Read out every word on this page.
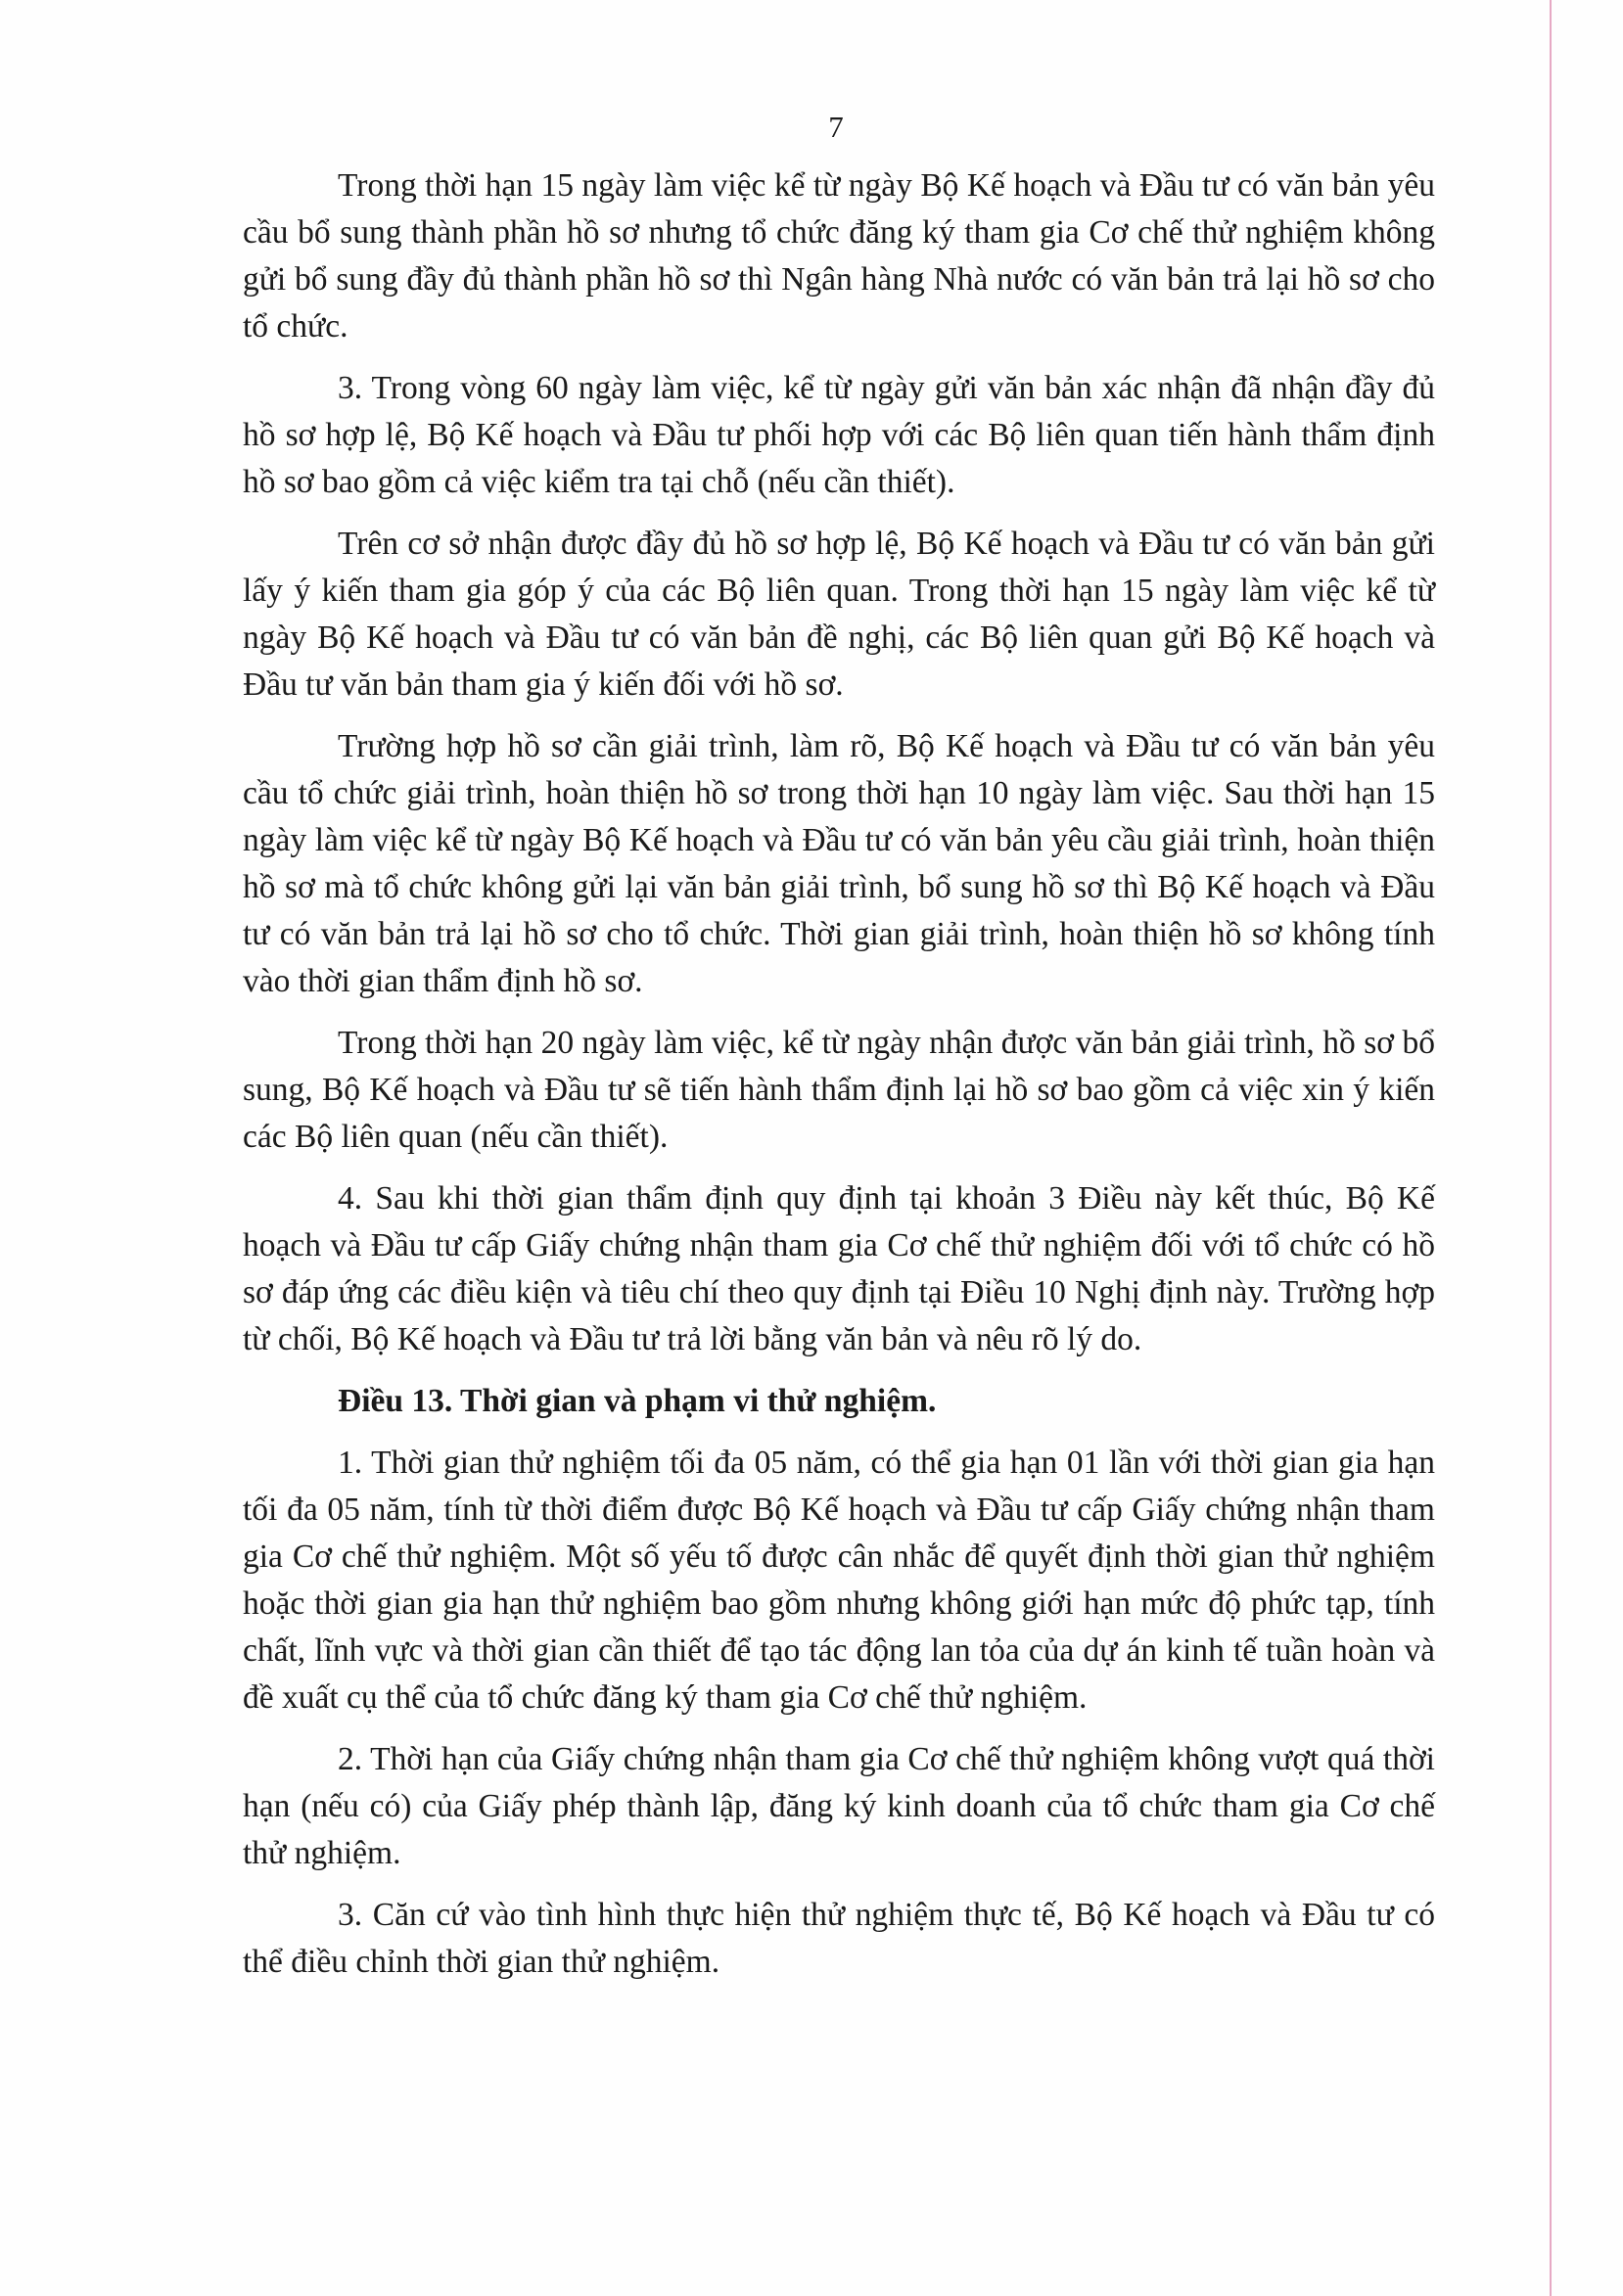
7

Trong thời hạn 15 ngày làm việc kể từ ngày Bộ Kế hoạch và Đầu tư có văn bản yêu cầu bổ sung thành phần hồ sơ nhưng tổ chức đăng ký tham gia Cơ chế thử nghiệm không gửi bổ sung đầy đủ thành phần hồ sơ thì Ngân hàng Nhà nước có văn bản trả lại hồ sơ cho tổ chức.

3. Trong vòng 60 ngày làm việc, kể từ ngày gửi văn bản xác nhận đã nhận đầy đủ hồ sơ hợp lệ, Bộ Kế hoạch và Đầu tư phối hợp với các Bộ liên quan tiến hành thẩm định hồ sơ bao gồm cả việc kiểm tra tại chỗ (nếu cần thiết).

Trên cơ sở nhận được đầy đủ hồ sơ hợp lệ, Bộ Kế hoạch và Đầu tư có văn bản gửi lấy ý kiến tham gia góp ý của các Bộ liên quan. Trong thời hạn 15 ngày làm việc kể từ ngày Bộ Kế hoạch và Đầu tư có văn bản đề nghị, các Bộ liên quan gửi Bộ Kế hoạch và Đầu tư văn bản tham gia ý kiến đối với hồ sơ.

Trường hợp hồ sơ cần giải trình, làm rõ, Bộ Kế hoạch và Đầu tư có văn bản yêu cầu tổ chức giải trình, hoàn thiện hồ sơ trong thời hạn 10 ngày làm việc. Sau thời hạn 15 ngày làm việc kể từ ngày Bộ Kế hoạch và Đầu tư có văn bản yêu cầu giải trình, hoàn thiện hồ sơ mà tổ chức không gửi lại văn bản giải trình, bổ sung hồ sơ thì Bộ Kế hoạch và Đầu tư có văn bản trả lại hồ sơ cho tổ chức. Thời gian giải trình, hoàn thiện hồ sơ không tính vào thời gian thẩm định hồ sơ.

Trong thời hạn 20 ngày làm việc, kể từ ngày nhận được văn bản giải trình, hồ sơ bổ sung, Bộ Kế hoạch và Đầu tư sẽ tiến hành thẩm định lại hồ sơ bao gồm cả việc xin ý kiến các Bộ liên quan (nếu cần thiết).

4. Sau khi thời gian thẩm định quy định tại khoản 3 Điều này kết thúc, Bộ Kế hoạch và Đầu tư cấp Giấy chứng nhận tham gia Cơ chế thử nghiệm đối với tổ chức có hồ sơ đáp ứng các điều kiện và tiêu chí theo quy định tại Điều 10 Nghị định này. Trường hợp từ chối, Bộ Kế hoạch và Đầu tư trả lời bằng văn bản và nêu rõ lý do.

Điều 13. Thời gian và phạm vi thử nghiệm.

1. Thời gian thử nghiệm tối đa 05 năm, có thể gia hạn 01 lần với thời gian gia hạn tối đa 05 năm, tính từ thời điểm được Bộ Kế hoạch và Đầu tư cấp Giấy chứng nhận tham gia Cơ chế thử nghiệm. Một số yếu tố được cân nhắc để quyết định thời gian thử nghiệm hoặc thời gian gia hạn thử nghiệm bao gồm nhưng không giới hạn mức độ phức tạp, tính chất, lĩnh vực và thời gian cần thiết để tạo tác động lan tỏa của dự án kinh tế tuần hoàn và đề xuất cụ thể của tổ chức đăng ký tham gia Cơ chế thử nghiệm.

2. Thời hạn của Giấy chứng nhận tham gia Cơ chế thử nghiệm không vượt quá thời hạn (nếu có) của Giấy phép thành lập, đăng ký kinh doanh của tổ chức tham gia Cơ chế thử nghiệm.

3. Căn cứ vào tình hình thực hiện thử nghiệm thực tế, Bộ Kế hoạch và Đầu tư có thể điều chỉnh thời gian thử nghiệm.
